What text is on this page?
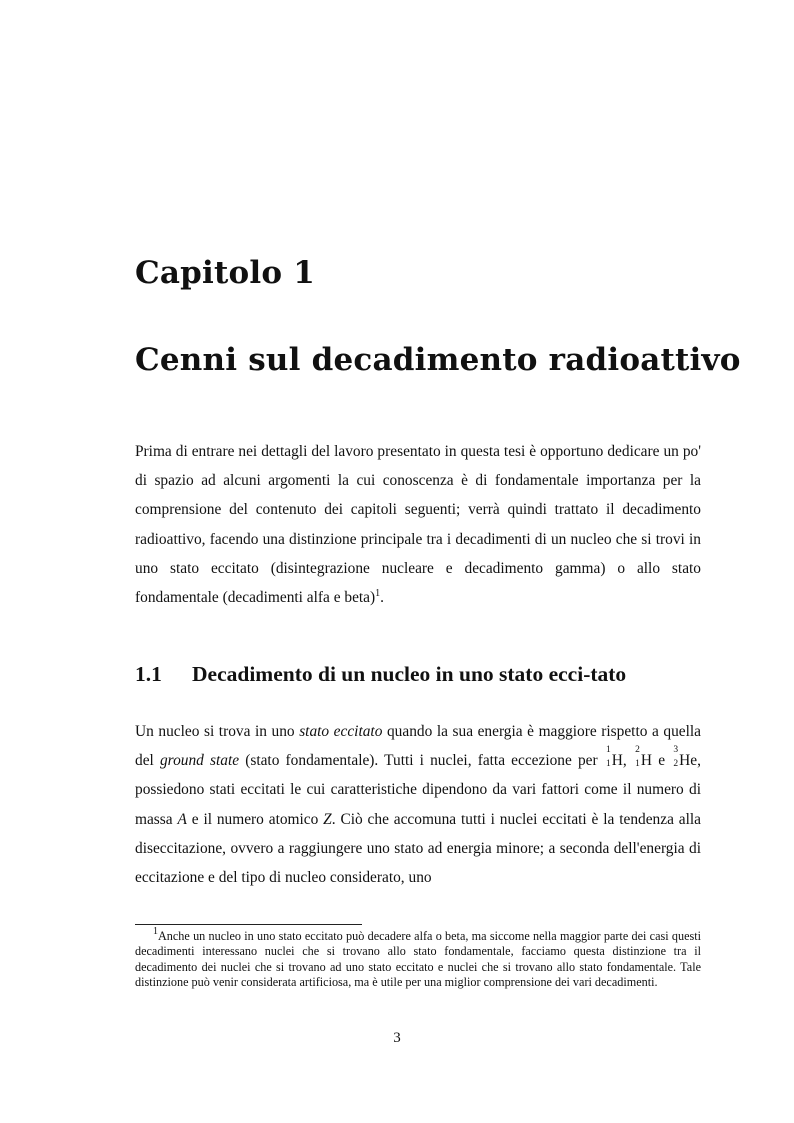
Capitolo 1
Cenni sul decadimento radioattivo

Prima di entrare nei dettagli del lavoro presentato in questa tesi è opportuno dedicare un po' di spazio ad alcuni argomenti la cui conoscenza è di fondamentale importanza per la comprensione del contenuto dei capitoli seguenti; verrà quindi trattato il decadimento radioattivo, facendo una distinzione principale tra i decadimenti di un nucleo che si trovi in uno stato eccitato (disintegrazione nucleare e decadimento gamma) o allo stato fondamentale (decadimenti alfa e beta)$^1$.

1.1 Decadimento di un nucleo in uno stato ecci-tato

Un nucleo si trova in uno stato eccitato quando la sua energia è maggiore rispetto a quella del ground state (stato fondamentale). Tutti i nuclei, fatta eccezione per
1
1 H,
2
1 H e
3
2 He, possiedono stati eccitati le cui caratteristiche dipendono da vari fattori come il numero di massa A e il numero atomico Z. Ciò che accomuna tutti i nuclei eccitati è la tendenza alla diseccitazione, ovvero a raggiungere uno stato ad energia minore; a seconda dell'energia di eccitazione e del tipo di nucleo considerato, uno

$^1$Anche un nucleo in uno stato eccitato può decadere alfa o beta, ma siccome nella maggior parte dei casi questi decadimenti interessano nuclei che si trovano allo stato fondamentale, facciamo questa distinzione tra il decadimento dei nuclei che si trovano ad uno stato eccitato e nuclei che si trovano allo stato fondamentale. Tale distinzione può venir considerata artificiosa, ma è utile per una miglior comprensione dei vari decadimenti.

3
